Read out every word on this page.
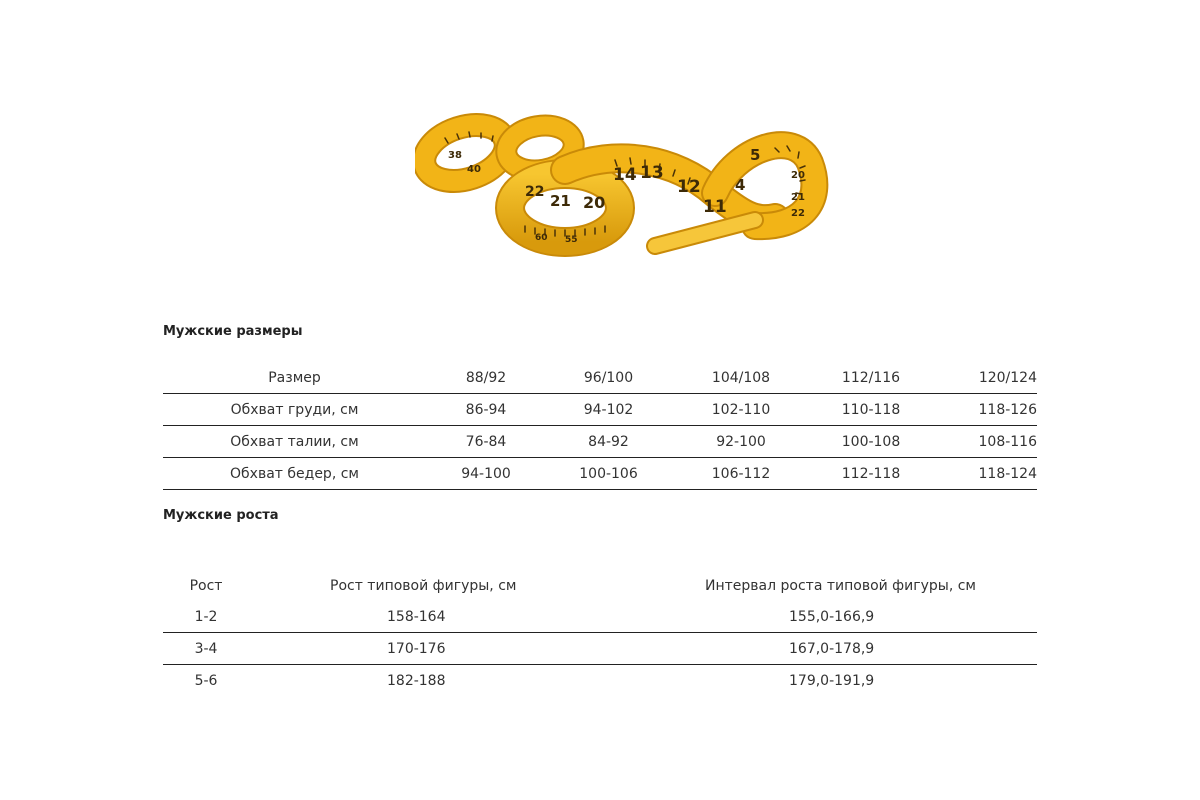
14 13
12
11
4
5
20
21
22
20
21
22
38
40
60 55
Мужские размеры
Размер	88/92	96/100	104/108	112/116	120/124
Обхват груди, см	86-94	94-102	102-110	110-118	118-126
Обхват талии, см	76-84	84-92	92-100	100-108	108-116
Обхват бедер, см	94-100	100-106	106-112	112-118	118-124
Мужские роста
Рост	Рост типовой фигуры, см	Интервал роста типовой фигуры, см
1-2	158-164	155,0-166,9
3-4	170-176	167,0-178,9
5-6	182-188	179,0-191,9
